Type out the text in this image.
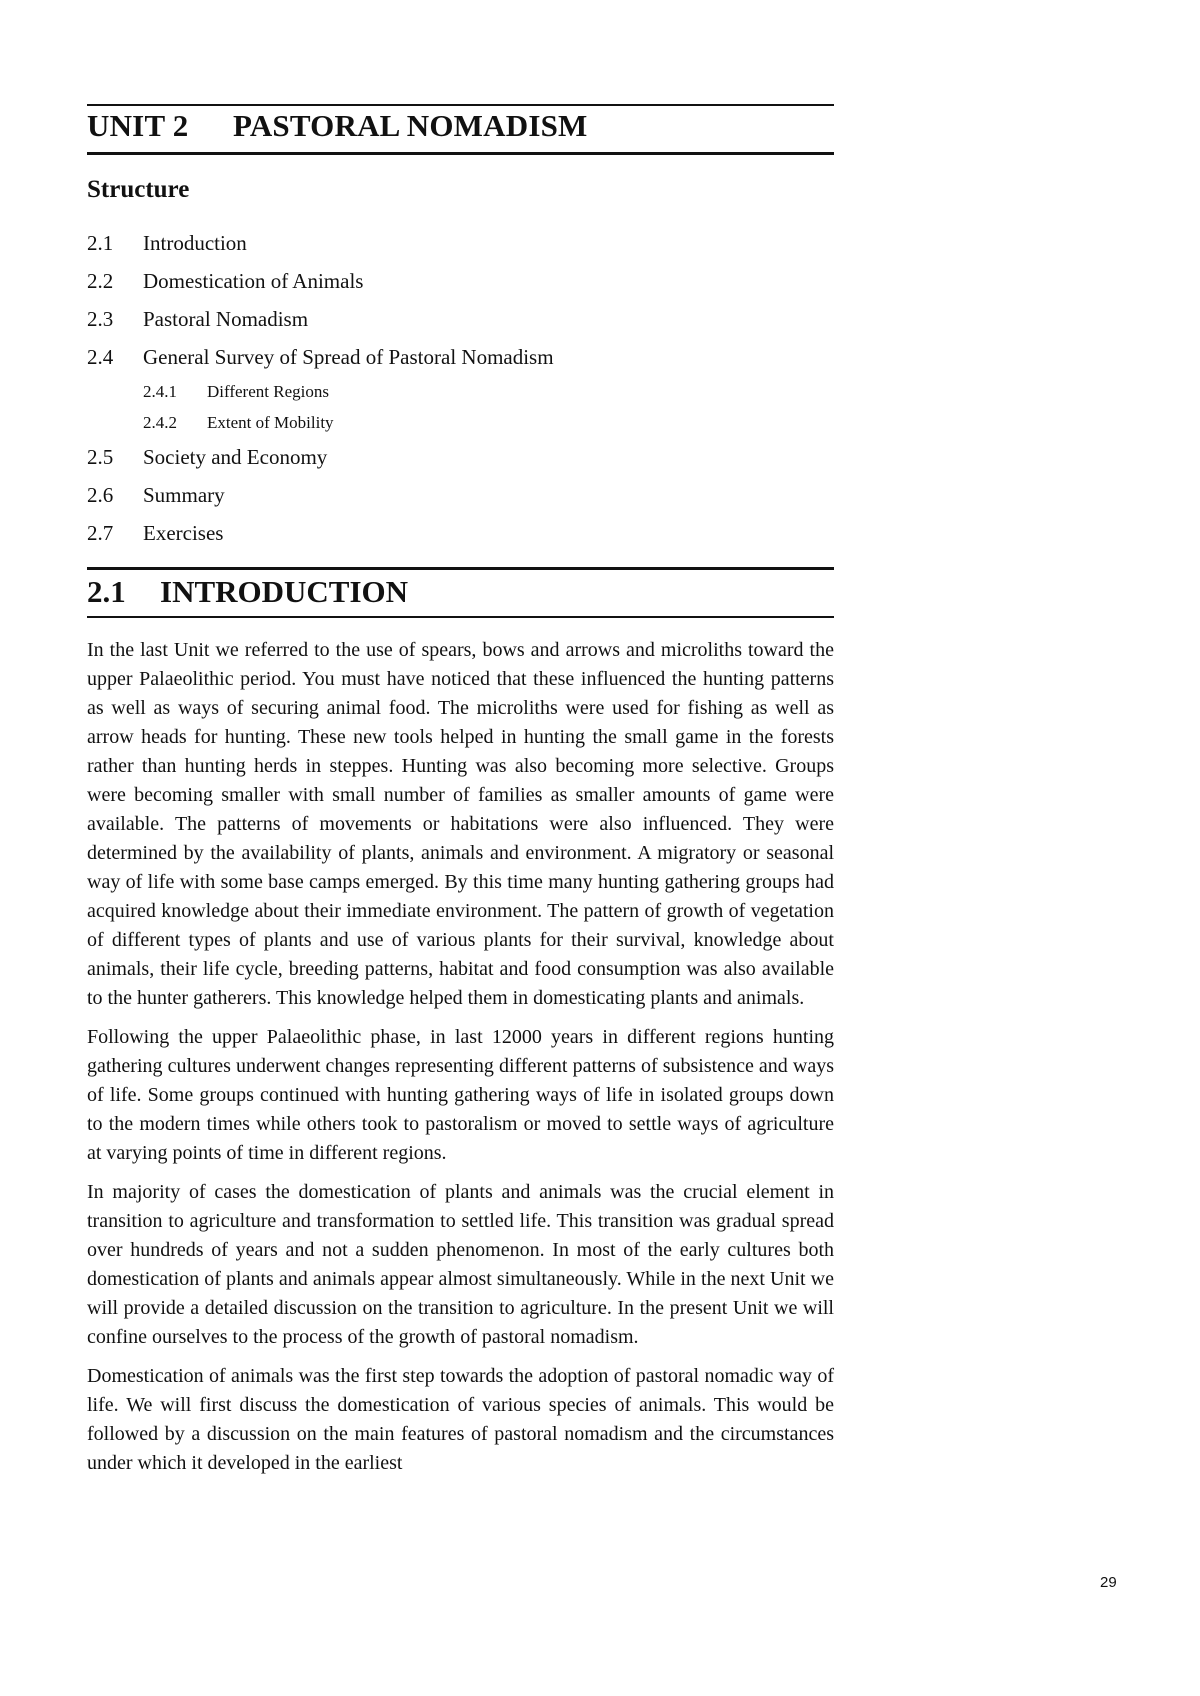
UNIT 2 PASTORAL NOMADISM
Structure
2.1 Introduction
2.2 Domestication of Animals
2.3 Pastoral Nomadism
2.4 General Survey of Spread of Pastoral Nomadism
2.4.1 Different Regions
2.4.2 Extent of Mobility
2.5 Society and Economy
2.6 Summary
2.7 Exercises
2.1 INTRODUCTION

In the last Unit we referred to the use of spears, bows and arrows and microliths toward the upper Palaeolithic period. You must have noticed that these influenced the hunting patterns as well as ways of securing animal food. The microliths were used for fishing as well as arrow heads for hunting. These new tools helped in hunting the small game in the forests rather than hunting herds in steppes. Hunting was also becoming more selective. Groups were becoming smaller with small number of families as smaller amounts of game were available. The patterns of movements or habitations were also influenced. They were determined by the availability of plants, animals and environment. A migratory or seasonal way of life with some base camps emerged. By this time many hunting gathering groups had acquired knowledge about their immediate environment. The pattern of growth of vegetation of different types of plants and use of various plants for their survival, knowledge about animals, their life cycle, breeding patterns, habitat and food consumption was also available to the hunter gatherers. This knowledge helped them in domesticating plants and animals.

Following the upper Palaeolithic phase, in last 12000 years in different regions hunting gathering cultures underwent changes representing different patterns of subsistence and ways of life. Some groups continued with hunting gathering ways of life in isolated groups down to the modern times while others took to pastoralism or moved to settle ways of agriculture at varying points of time in different regions.

In majority of cases the domestication of plants and animals was the crucial element in transition to agriculture and transformation to settled life. This transition was gradual spread over hundreds of years and not a sudden phenomenon. In most of the early cultures both domestication of plants and animals appear almost simultaneously. While in the next Unit we will provide a detailed discussion on the transition to agriculture. In the present Unit we will confine ourselves to the process of the growth of pastoral nomadism.

Domestication of animals was the first step towards the adoption of pastoral nomadic way of life. We will first discuss the domestication of various species of animals. This would be followed by a discussion on the main features of pastoral nomadism and the circumstances under which it developed in the earliest

29
